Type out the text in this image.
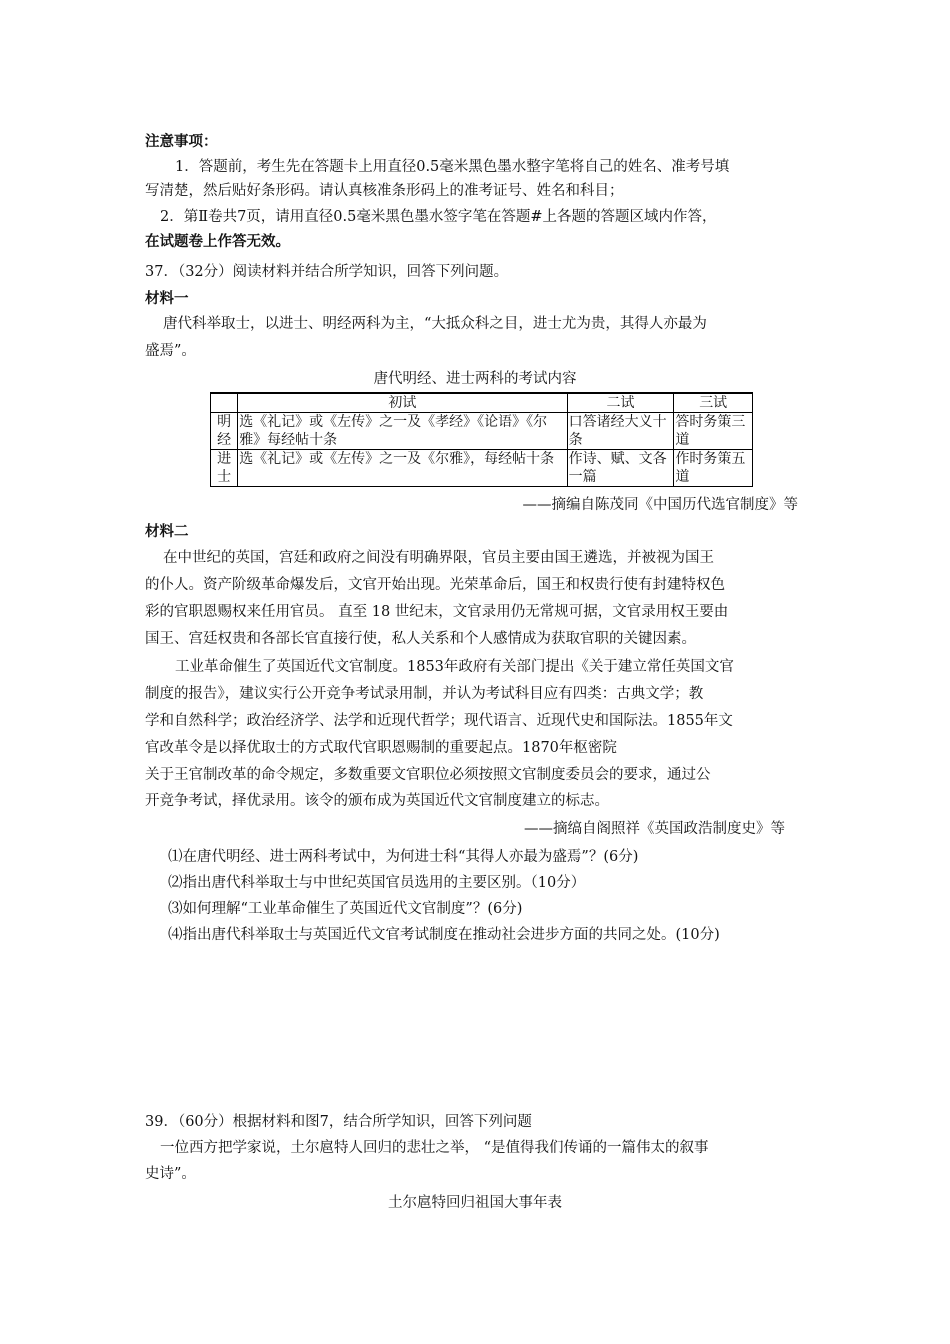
注意事项：
1．答题前，考生先在答题卡上用直径0.5毫米黑色墨水整字笔将自己的姓名、准考号填
写清楚，然后贴好条形码。请认真核准条形码上的准考证号、姓名和科目；
2．第Ⅱ卷共7页，请用直径0.5毫米黑色墨水签字笔在答题#上各题的答题区域内作答，
在试题卷上作答无效。
37．（32分）阅读材料并结合所学知识，回答下列问题。
材料一
唐代科举取士，以进士、明经两科为主，“大抵众科之目，进士尤为贵，其得人亦最为
盛焉”。
唐代明经、进士两科的考试内容
	初试	二试	三试
明经	选《礼记》或《左传》之一及《孝经》《论语》《尔雅》每经帖十条	口答诸经大义十条	答时务策三道
进士	选《礼记》或《左传》之一及《尔雅》，每经帖十条	作诗、赋、文各一篇	作时务策五道
——摘编自陈茂同《中国历代选官制度》等
材料二
在中世纪的英国，宫廷和政府之间没有明确界限，官员主要由国王遴选，并被视为国王
的仆人。资产阶级革命爆发后，文官开始出现。光荣革命后，国王和权贵行使有封建特权色
彩的官职恩赐权来任用官员。 直至 18 世纪末，文官录用仍无常规可据，文官录用权王要由
国王、宫廷权贵和各部长官直接行使，私人关系和个人感情成为获取官职的关键因素。
工业革命催生了英国近代文官制度。1853年政府有关部门提出《关于建立常任英国文官
制度的报告》，建议实行公开竞争考试录用制，并认为考试科目应有四类：古典文学；教
学和自然科学；政治经济学、法学和近现代哲学；现代语言、近现代史和国际法。1855年文
官改革令是以择优取士的方式取代官职恩赐制的重要起点。1870年枢密院
关于王官制改革的命令规定，多数重要文官职位必须按照文官制度委员会的要求，通过公
开竞争考试，择优录用。该令的颁布成为英国近代文官制度建立的标志。
——摘缟自阁照祥《英国政浩制度史》等
⑴在唐代明经、进士两科考试中，为何进士科“其得人亦最为盛焉”？(6分)
⑵指出唐代科举取士与中世纪英国官员选用的主要区别。（10分）
⑶如何理解“工业革命催生了英国近代文官制度”？(6分)
⑷指出唐代科举取士与英国近代文官考试制度在推动社会进步方面的共同之处。(10分)
39．（60分）根据材料和图7，结合所学知识，回答下列问题
一位西方把学家说，土尔扈特人回归的悲壮之举， “是值得我们传诵的一篇伟太的叙事
史诗”。
土尔扈特回归祖国大事年表
